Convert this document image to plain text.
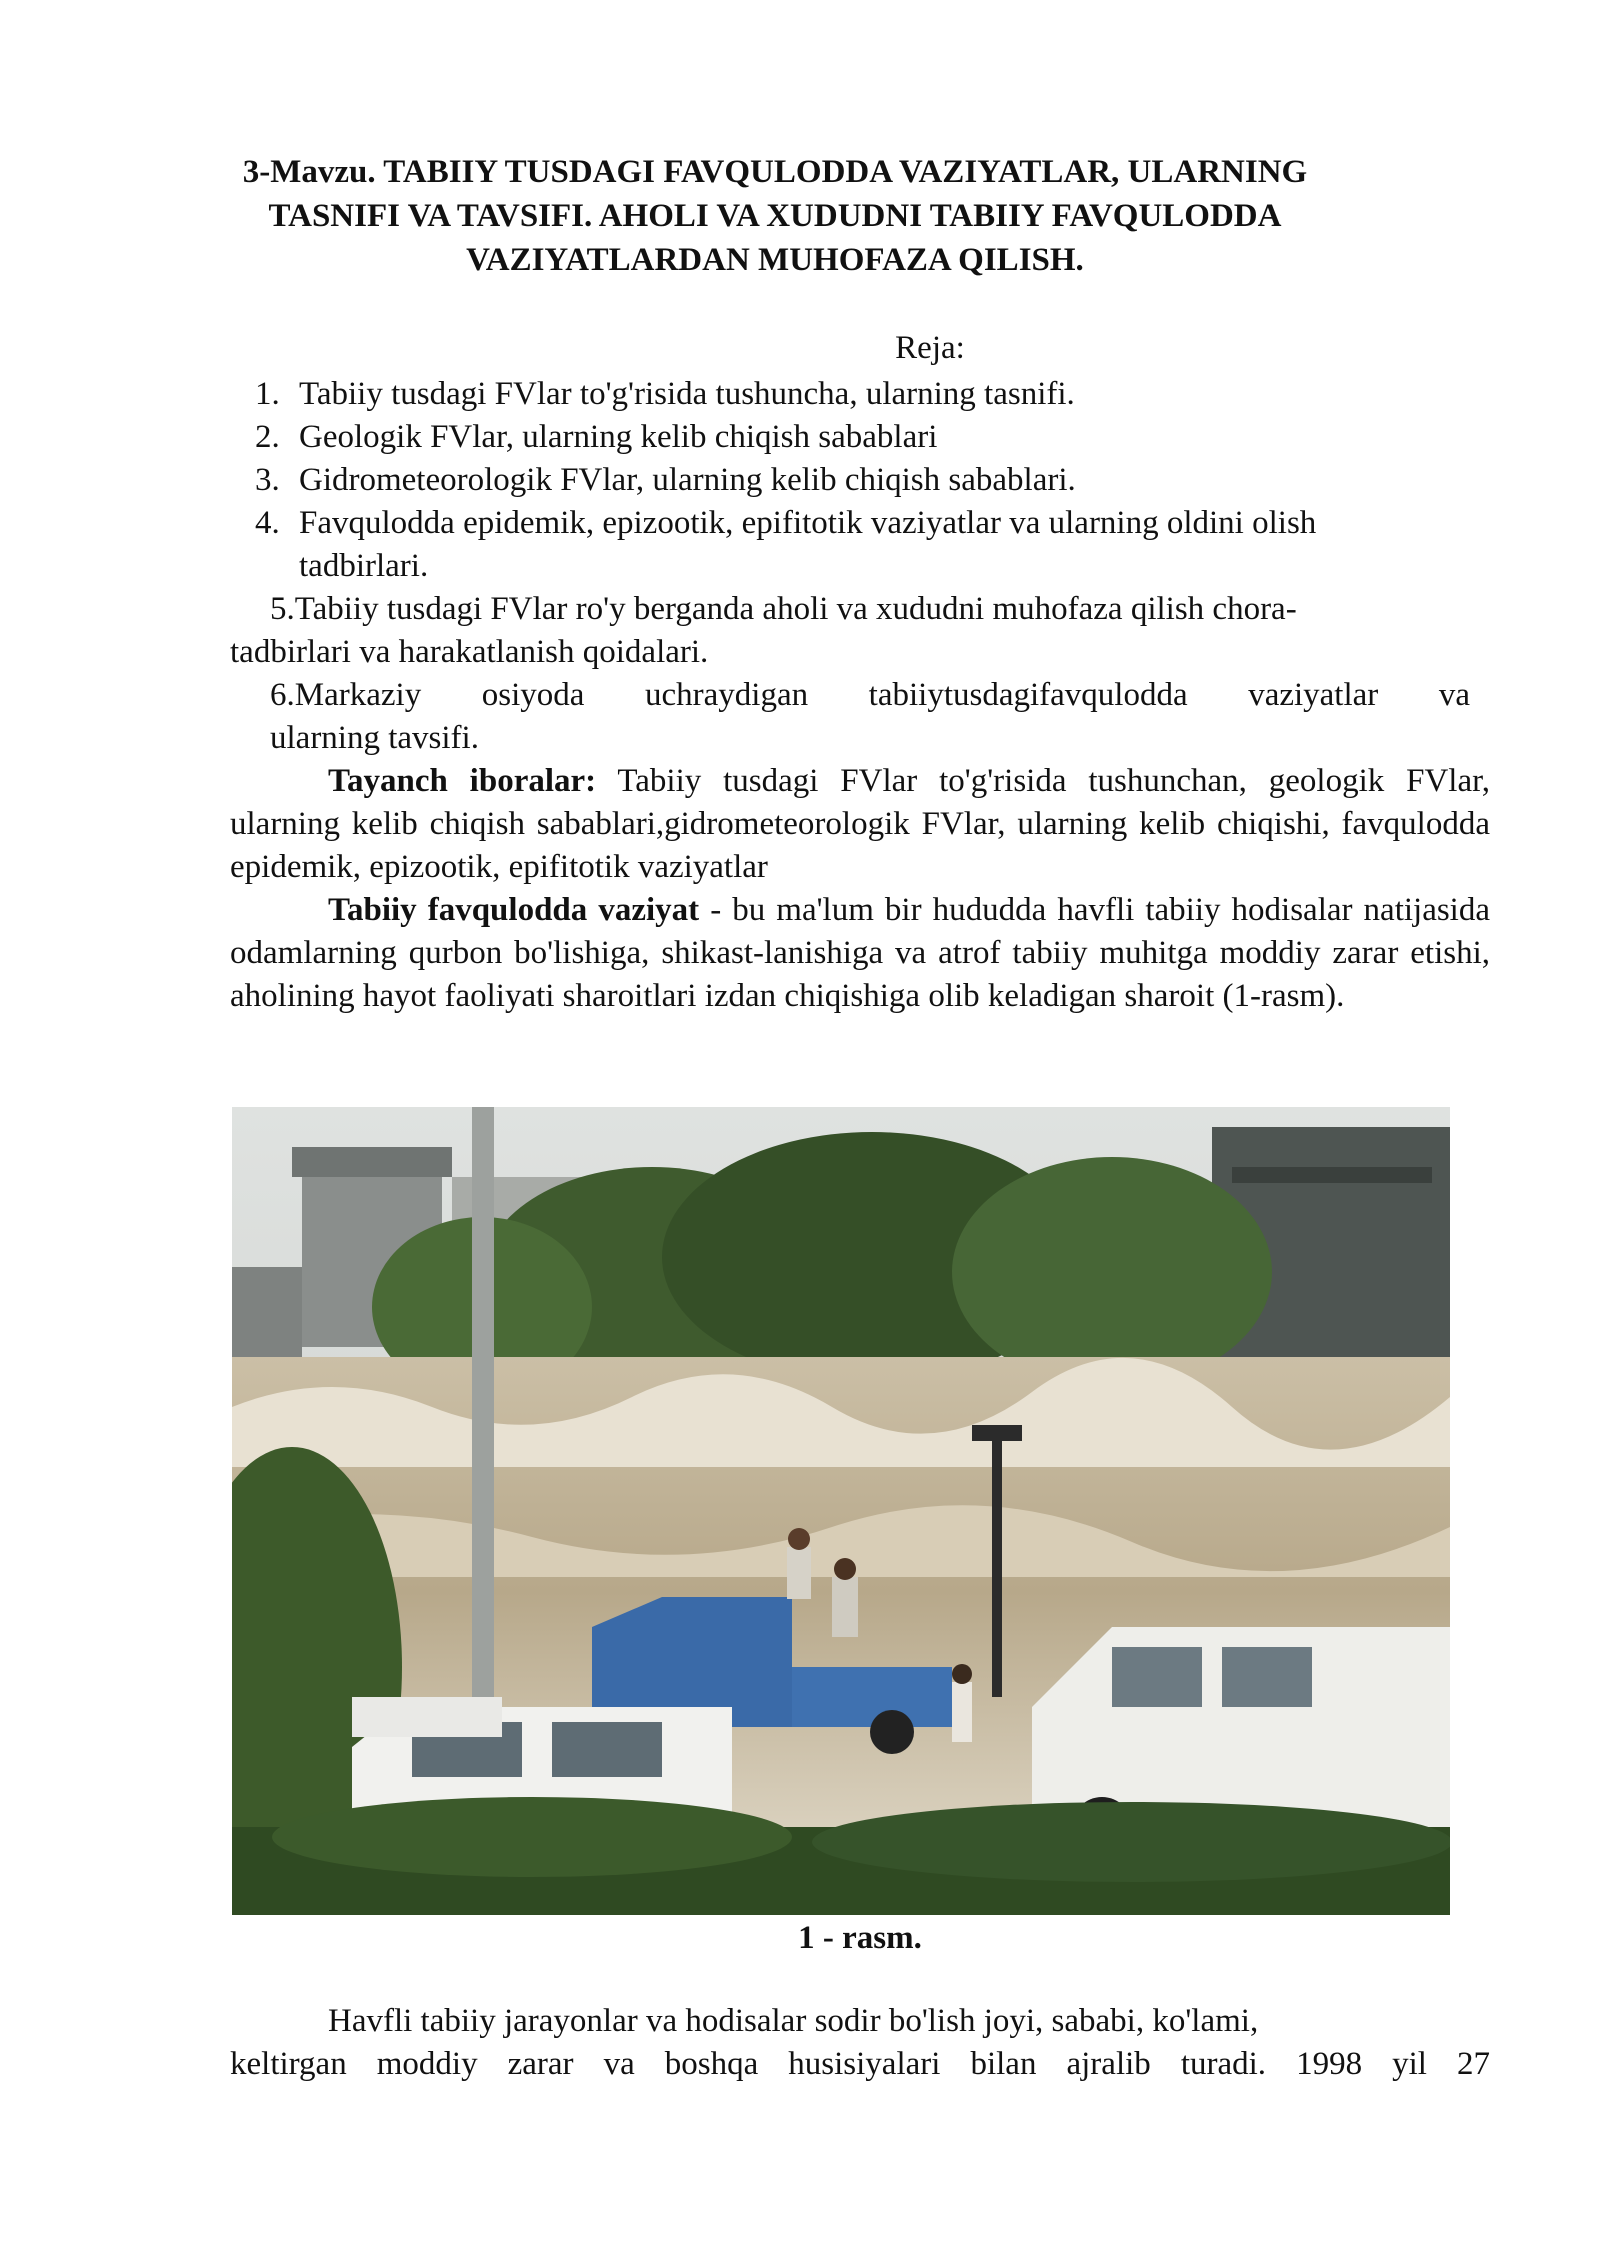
3-Mavzu. TABIIY TUSDAGI FAVQULODDA VAZIYATLAR, ULARNING
TASNIFI VA TAVSIFI. AHOLI VA XUDUDNI TABIIY FAVQULODDA
VAZIYATLARDAN MUHOFAZA QILISH.
Reja:
1. Tabiiy tusdagi FVlar to'g'risida tushuncha, ularning tasnifi.
2. Geologik FVlar, ularning kelib chiqish sabablari
3. Gidrometeorologik FVlar, ularning kelib chiqish sabablari.
4. Favqulodda epidemik, epizootik, epifitotik vaziyatlar va ularning oldini olish
tadbirlari.
5.Tabiiy tusdagi FVlar ro'y berganda aholi va xududni muhofaza qilish chora-
tadbirlari va harakatlanish qoidalari.
6.Markaziy osiyoda uchraydigan tabiiytusdagifavqulodda vaziyatlar va
ularning tavsifi.

Tayanch iboralar: Tabiiy tusdagi FVlar to'g'risida tushunchan, geologik FVlar, ularning kelib chiqish sabablari,gidrometeorologik FVlar, ularning kelib chiqishi, favqulodda epidemik, epizootik, epifitotik vaziyatlar

Tabiiy favqulodda vaziyat - bu ma'lum bir hududda havfli tabiiy hodisalar natijasida odamlarning qurbon bo'lishiga, shikast-lanishiga va atrof tabiiy muhitga moddiy zarar etishi, aholining hayot faoliyati sharoitlari izdan chiqishiga olib keladigan sharoit (1-rasm).

1 - rasm.
Havfli tabiiy jarayonlar va hodisalar sodir bo'lish joyi, sababi, ko'lami,
keltirgan moddiy zarar va boshqa husisiyalari bilan ajralib turadi. 1998 yil 27
